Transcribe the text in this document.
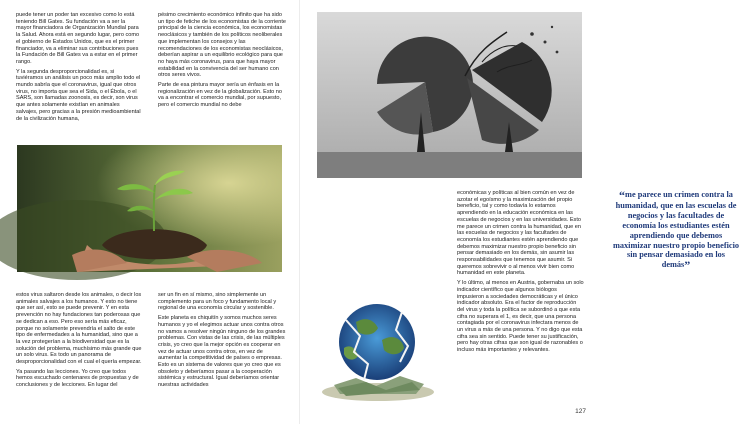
puede tener un poder tan excesivo como lo está teniendo Bill Gates. Su fundación va a ser la mayor financiadora de Organización Mundial para la Salud. Ahora está en segundo lugar, pero como el gobierno de Estados Unidos, que es el primer financiador, va a eliminar sus contribuciones pues la Fundación de Bill Gates va a estar en el primer rango.

Y la segunda desproporcionalidad es, si tuviéramos un análisis un poco más amplio todo el mundo sabría que el coronavirus, igual que otros virus, no importa que sea el Sida, o el Ébola, o el SARS, son llamadas zoonosis, es decir, son virus que antes solamente existían en animales salvajes, pero gracias a la presión medioambiental de la civilización humana,

pésimo crecimiento económico infinito que ha sido un tipo de fetiche de los economistas de la corriente principal de la ciencia económica, los economistas neoclásicos y también de los políticos neoliberales que implementan los consejos y las recomendaciones de los economistas neoclásicos, deberían aspirar a un equilibrio ecológico para que no haya más coronavirus, para que haya mayor estabilidad en la convivencia del ser humano con otros seres vivos.

Parte de esa pintura mayor sería un énfasis en la regionalización en vez de la globalización. Esto no va a encontrar el comercio mundial, por supuesto, pero el comercio mundial no debe

estos virus saltaron desde los animales, o decir los animales salvajes a los humanos. Y esto no tiene que ser así, esto se puede prevenir. Y en esta prevención no hay fundaciones tan poderosas que se dedican a eso. Pero eso sería más eficaz, porque no solamente prevendría el salto de este tipo de enfermedades a la humanidad, sino que a la vez protegerían a la biodiversidad que es la solución del problema, muchísimo más grande que un solo virus. Es todo un panorama de desproporcionalidad con el cual el quería empezar.

Ya pasando las lecciones. Yo creo que todos hemos escuchado centenares de propuestas y de conclusiones y de lecciones. En lugar del

ser un fin en sí mismo, sino simplemente un complemento para un foco y fundamento local y regional de una economía circular y sostenible.

Este planeta es chiquitín y somos muchos seres humanos y yo el elegimos actuar unos contra otros no vamos a resolver ningún ninguno de los grandes problemas. Con vistas de las crisis, de las múltiples crisis, yo creo que la mejor opción es cooperar en vez de actuar unos contra otros, en vez de aumentar la competitividad de países o empresas. Esto es un sistema de valores que yo creo que es obsoleto y deberíamos pasar a la cooperación sistémica y estructural. Igual deberíamos orientar nuestras actividades

“me parece un crimen contra la humanidad, que en las escuelas de negocios y las facultades de economía los estudiantes estén aprendiendo que debemos maximizar nuestro propio beneficio sin pensar demasiado en los demás”

económicas y políticas al bien común en vez de azotar el egoísmo y la maximización del propio beneficio, tal y como todavía lo estamos aprendiendo en la educación económica en las escuelas de negocios y en las universidades. Esto me parece un crimen contra la humanidad, que en las escuelas de negocios y las facultades de economía los estudiantes estén aprendiendo que debemos maximizar nuestro propio beneficio sin pensar demasiado en los demás, sin asumir las responsabilidades que tenemos que asumir. Si queremos sobrevivir o al menos vivir bien como humanidad en este planeta.

Y lo último, al menos en Austria, gobernaba un solo indicador científico que algunos biólogos impusieron a sociedades democráticas y el único indicador absoluto. Era el factor de reproducción del virus y toda la política se subordinó a que esta cifra no superara el 1, es decir, que una persona contagiada por el coronavirus infectara menos de un virus a más de una persona. Y no digo que esta cifra sea sin sentido. Puede tener su justificación, pero hay otras cifras que son igual de razonables o incluso más importantes y relevantes.

127
